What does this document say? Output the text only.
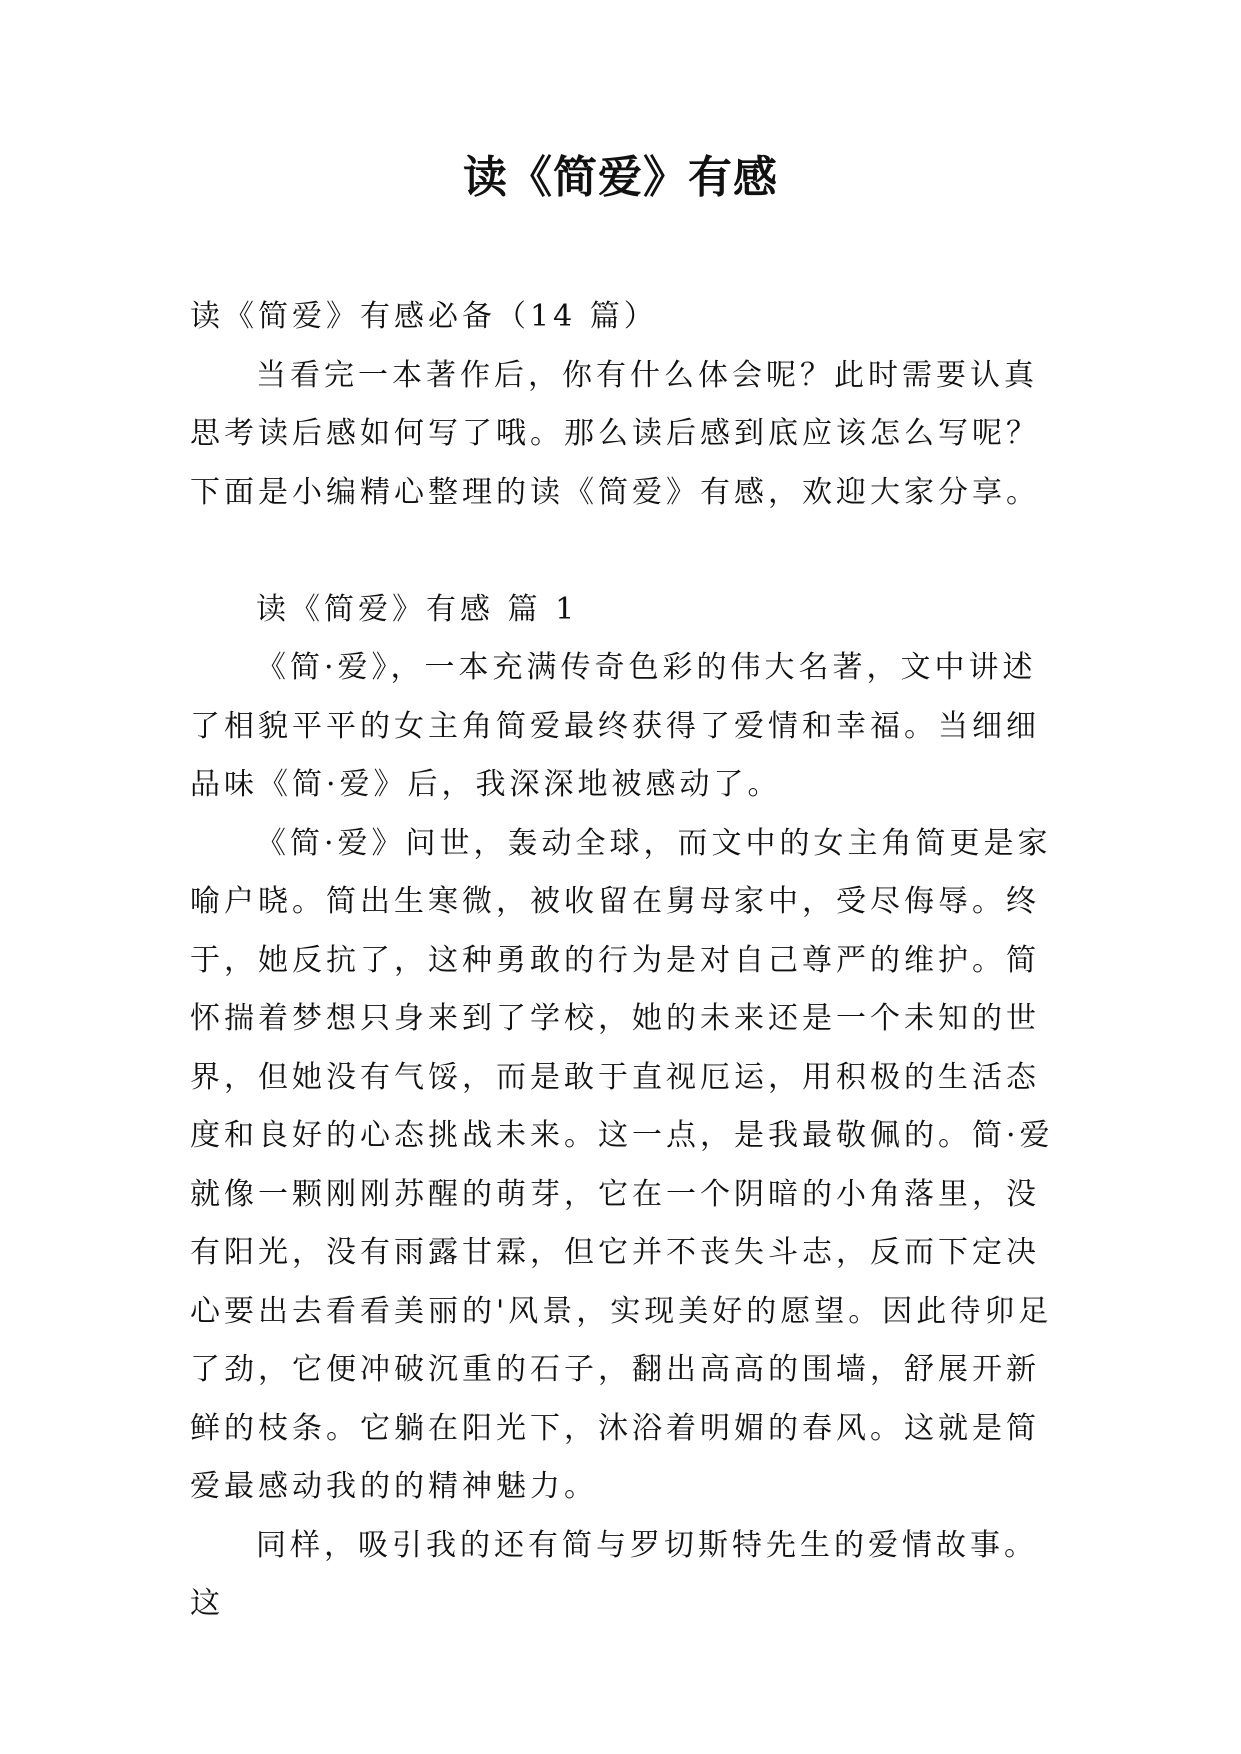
读《简爱》有感

读《简爱》有感必备（14 篇）

当看完一本著作后，你有什么体会呢？此时需要认真思考读后感如何写了哦。那么读后感到底应该怎么写呢？下面是小编精心整理的读《简爱》有感，欢迎大家分享。

读《简爱》有感 篇 1

《简·爱》，一本充满传奇色彩的伟大名著，文中讲述了相貌平平的女主角简爱最终获得了爱情和幸福。当细细品味《简·爱》后，我深深地被感动了。

《简·爱》问世，轰动全球，而文中的女主角简更是家喻户晓。简出生寒微，被收留在舅母家中，受尽侮辱。终于，她反抗了，这种勇敢的行为是对自己尊严的维护。简怀揣着梦想只身来到了学校，她的未来还是一个未知的世界，但她没有气馁，而是敢于直视厄运，用积极的生活态度和良好的心态挑战未来。这一点，是我最敬佩的。简·爱就像一颗刚刚苏醒的萌芽，它在一个阴暗的小角落里，没有阳光，没有雨露甘霖，但它并不丧失斗志，反而下定决心要出去看看美丽的'风景，实现美好的愿望。因此待卯足了劲，它便冲破沉重的石子，翻出高高的围墙，舒展开新鲜的枝条。它躺在阳光下，沐浴着明媚的春风。这就是简爱最感动我的的精神魅力。

同样，吸引我的还有简与罗切斯特先生的爱情故事。这
